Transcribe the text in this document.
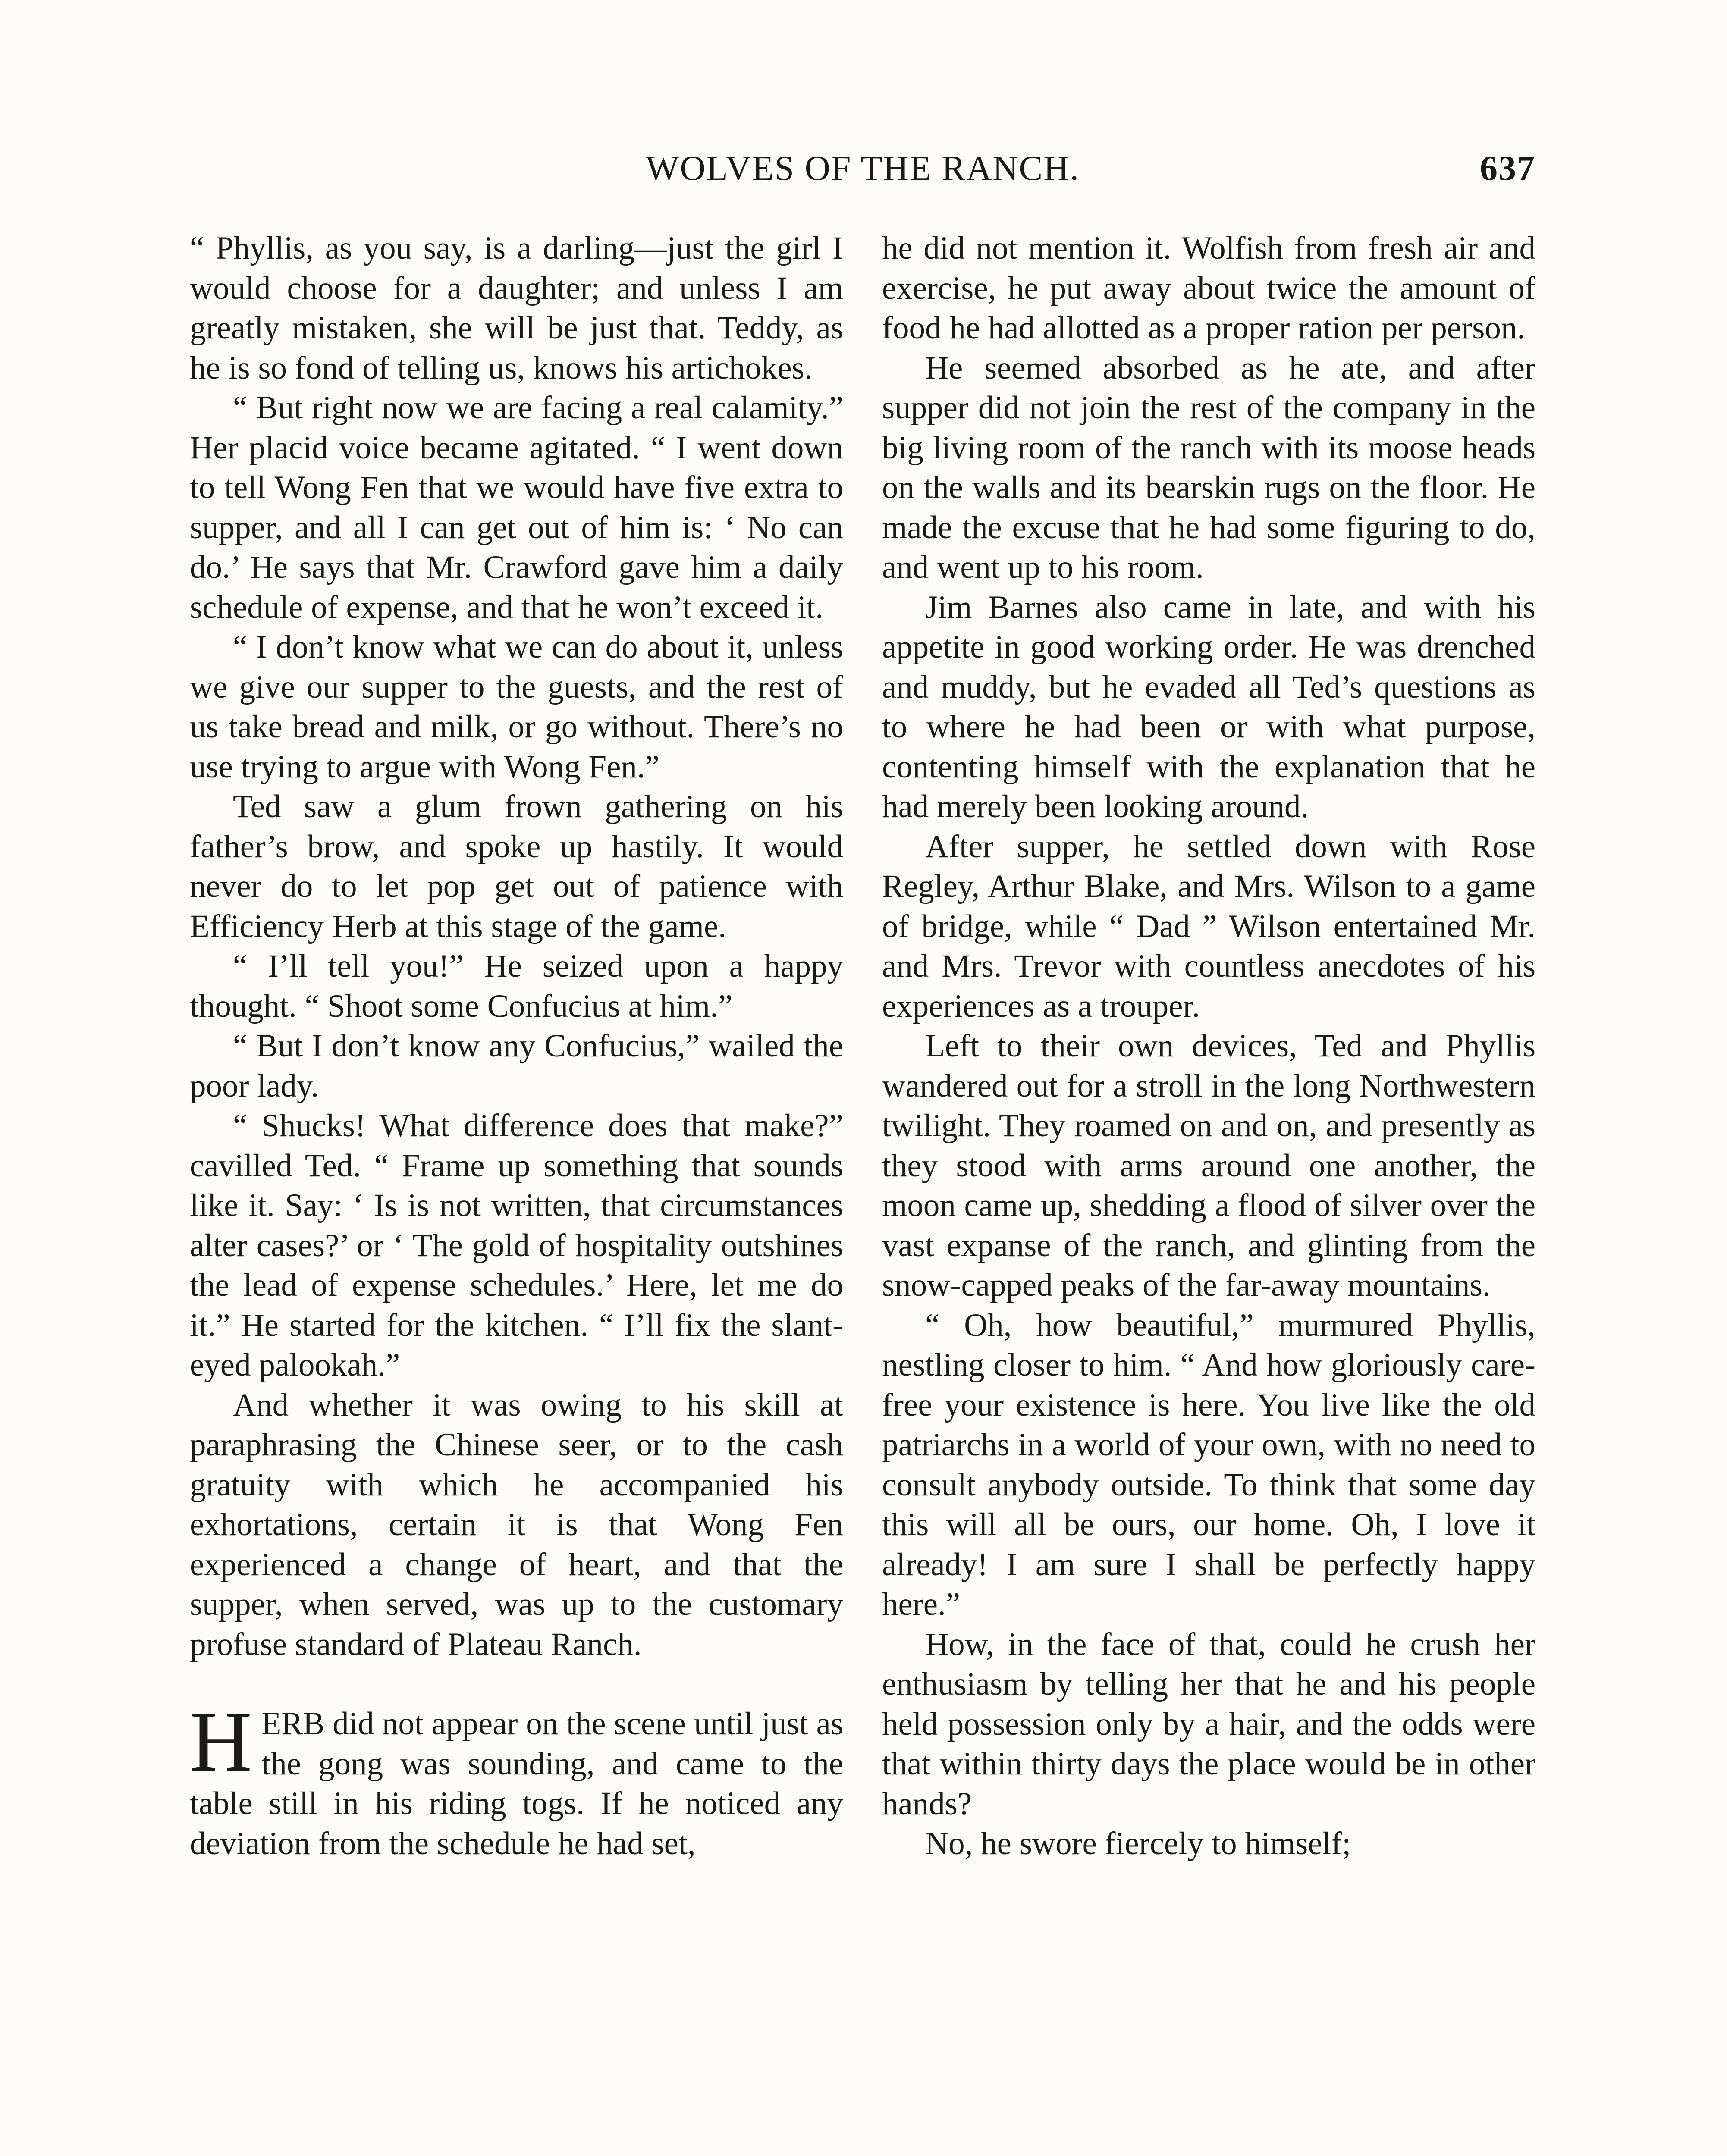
WOLVES OF THE RANCH.	637

“ Phyllis, as you say, is a darling—just the girl I would choose for a daughter; and unless I am greatly mistaken, she will be just that. Teddy, as he is so fond of telling us, knows his artichokes.

“ But right now we are facing a real calamity.” Her placid voice became agitated. “ I went down to tell Wong Fen that we would have five extra to supper, and all I can get out of him is: ‘ No can do.’ He says that Mr. Crawford gave him a daily schedule of expense, and that he won’t exceed it.

“ I don’t know what we can do about it, unless we give our supper to the guests, and the rest of us take bread and milk, or go without. There’s no use trying to argue with Wong Fen.”

Ted saw a glum frown gathering on his father’s brow, and spoke up hastily. It would never do to let pop get out of patience with Efficiency Herb at this stage of the game.

“ I’ll tell you!” He seized upon a happy thought. “ Shoot some Confucius at him.”

“ But I don’t know any Confucius,” wailed the poor lady.

“ Shucks! What difference does that make?” cavilled Ted. “ Frame up something that sounds like it. Say: ‘ Is is not written, that circumstances alter cases?’ or ‘ The gold of hospitality outshines the lead of expense schedules.’ Here, let me do it.” He started for the kitchen. “ I’ll fix the slant-eyed palookah.”

And whether it was owing to his skill at paraphrasing the Chinese seer, or to the cash gratuity with which he accompanied his exhortations, certain it is that Wong Fen experienced a change of heart, and that the supper, when served, was up to the customary profuse standard of Plateau Ranch.

HERB did not appear on the scene until just as the gong was sounding, and came to the table still in his riding togs. If he noticed any deviation from the schedule he had set,

he did not mention it. Wolfish from fresh air and exercise, he put away about twice the amount of food he had allotted as a proper ration per person.

He seemed absorbed as he ate, and after supper did not join the rest of the company in the big living room of the ranch with its moose heads on the walls and its bearskin rugs on the floor. He made the excuse that he had some figuring to do, and went up to his room.

Jim Barnes also came in late, and with his appetite in good working order. He was drenched and muddy, but he evaded all Ted’s questions as to where he had been or with what purpose, contenting himself with the explanation that he had merely been looking around.

After supper, he settled down with Rose Regley, Arthur Blake, and Mrs. Wilson to a game of bridge, while “ Dad ” Wilson entertained Mr. and Mrs. Trevor with countless anecdotes of his experiences as a trouper.

Left to their own devices, Ted and Phyllis wandered out for a stroll in the long Northwestern twilight. They roamed on and on, and presently as they stood with arms around one another, the moon came up, shedding a flood of silver over the vast expanse of the ranch, and glinting from the snow-capped peaks of the far-away mountains.

“ Oh, how beautiful,” murmured Phyllis, nestling closer to him. “ And how gloriously care-free your existence is here. You live like the old patriarchs in a world of your own, with no need to consult anybody outside. To think that some day this will all be ours, our home. Oh, I love it already! I am sure I shall be perfectly happy here.”

How, in the face of that, could he crush her enthusiasm by telling her that he and his people held possession only by a hair, and the odds were that within thirty days the place would be in other hands?

No, he swore fiercely to himself;
